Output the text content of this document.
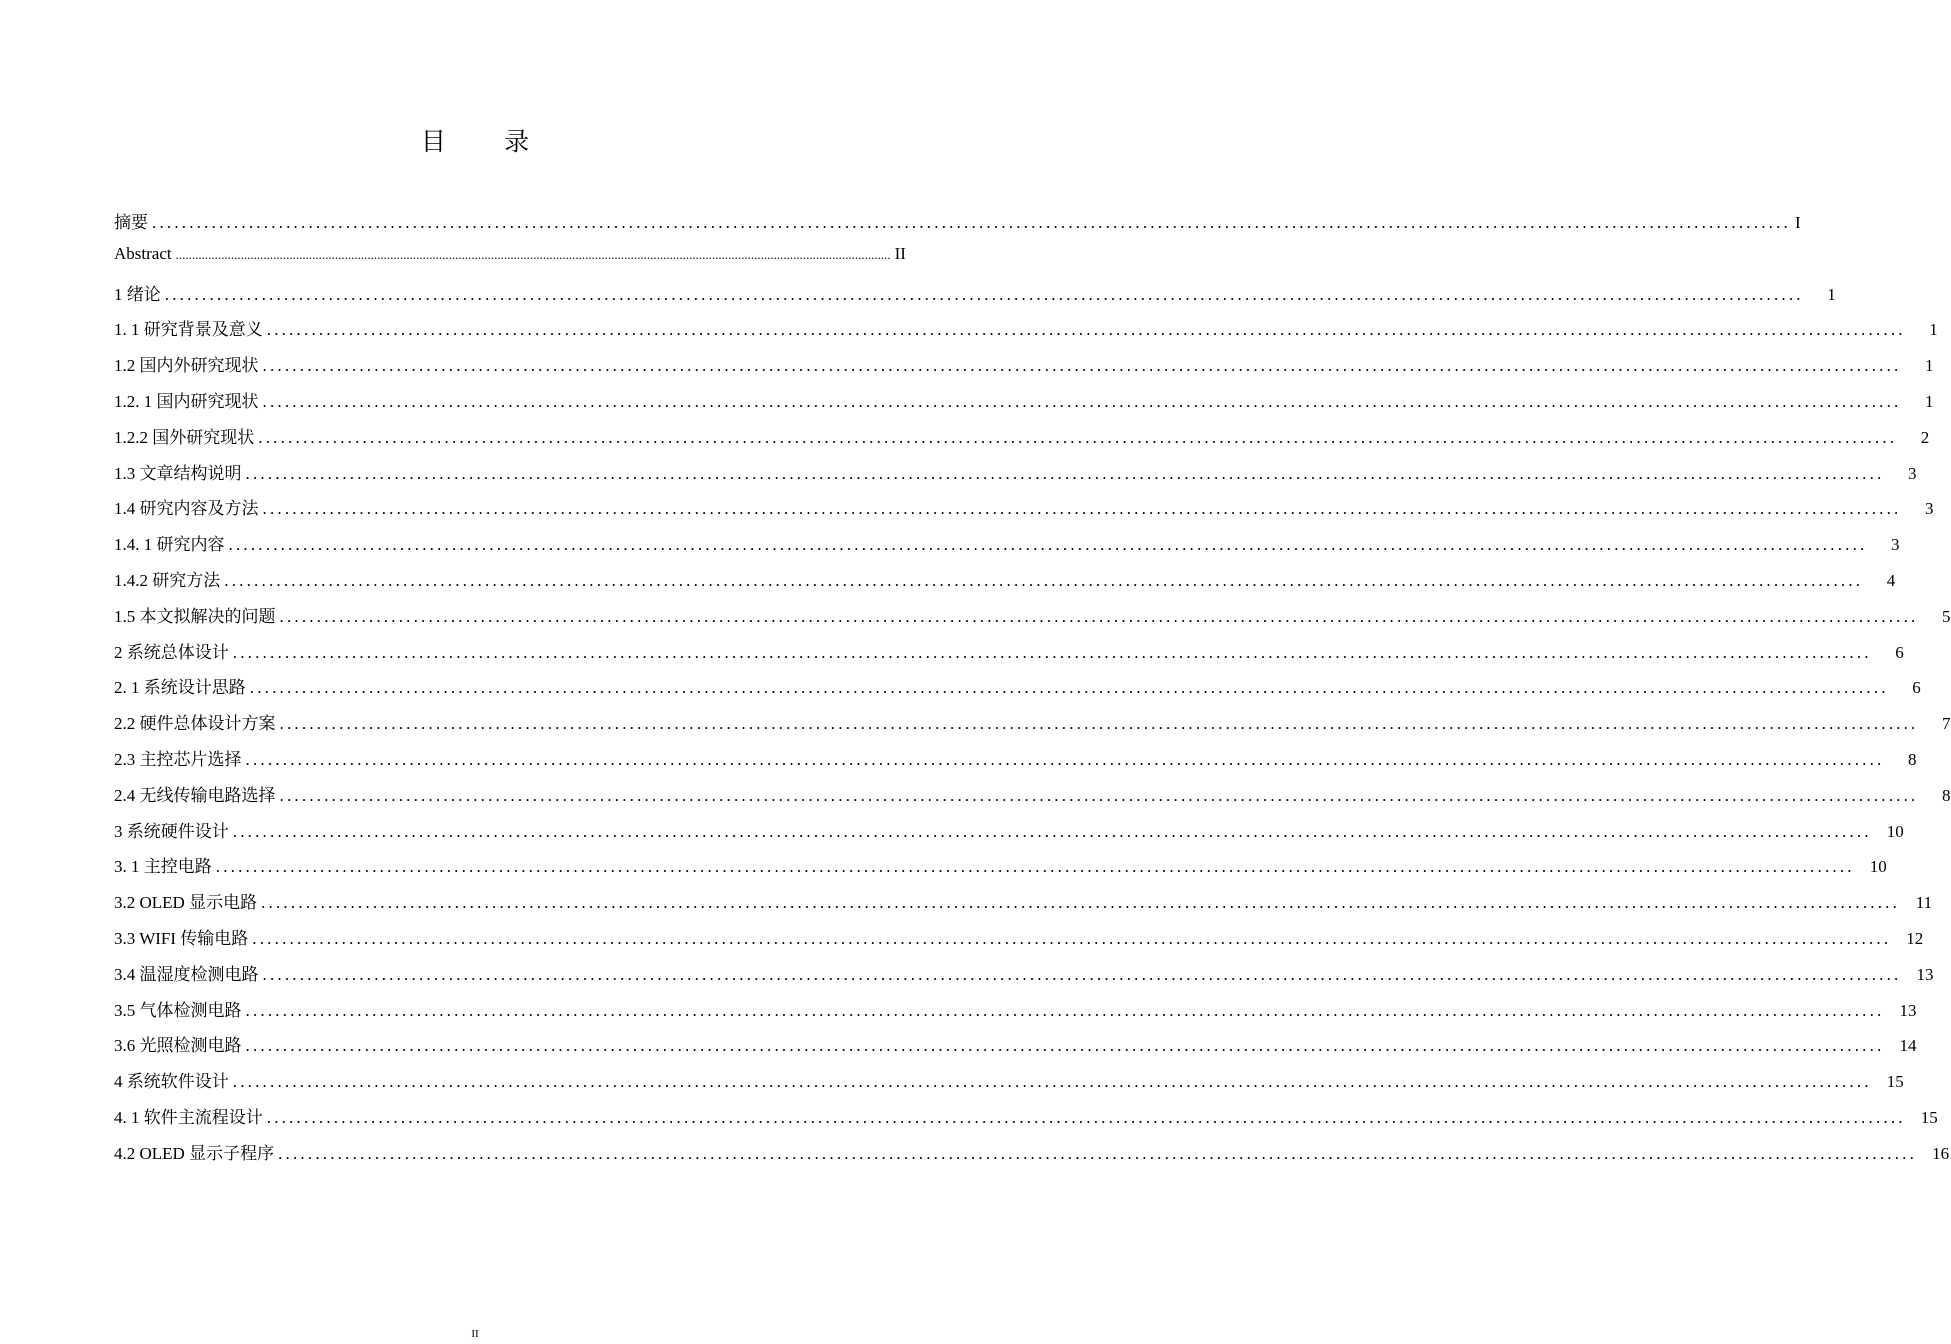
目 录
摘要 ............................................................................................................................................................................................................................ I
Abstract ............................................................................................................................................................................................................................ II
1 绪论 ............................................................................................................................................................................................................................	1
1. 1 研究背景及意义 ............................................................................................................................................................................................................................	1
1.2 国内外研究现状 ............................................................................................................................................................................................................................	1
1.2. 1 国内研究现状 ............................................................................................................................................................................................................................	1
1.2.2 国外研究现状 ............................................................................................................................................................................................................................	2
1.3 文章结构说明 ............................................................................................................................................................................................................................	3
1.4 研究内容及方法 ............................................................................................................................................................................................................................	3
1.4. 1 研究内容 ............................................................................................................................................................................................................................	3
1.4.2 研究方法 ............................................................................................................................................................................................................................	4
1.5 本文拟解决的问题 ............................................................................................................................................................................................................................	5
2 系统总体设计 ............................................................................................................................................................................................................................	6
2. 1 系统设计思路 ............................................................................................................................................................................................................................	6
2.2 硬件总体设计方案 ............................................................................................................................................................................................................................	7
2.3 主控芯片选择 ............................................................................................................................................................................................................................	8
2.4 无线传输电路选择 ............................................................................................................................................................................................................................	8
3 系统硬件设计 ............................................................................................................................................................................................................................ 10
3. 1 主控电路 ............................................................................................................................................................................................................................ 10
3.2 OLED 显示电路 ............................................................................................................................................................................................................................ 11
3.3 WIFI 传输电路 ............................................................................................................................................................................................................................ 12
3.4 温湿度检测电路 ............................................................................................................................................................................................................................ 13
3.5 气体检测电路 ............................................................................................................................................................................................................................ 13
3.6 光照检测电路 ............................................................................................................................................................................................................................ 14
4 系统软件设计 ............................................................................................................................................................................................................................ 15
4. 1 软件主流程设计 ............................................................................................................................................................................................................................ 15
4.2 OLED 显示子程序 ............................................................................................................................................................................................................................ 16
II
